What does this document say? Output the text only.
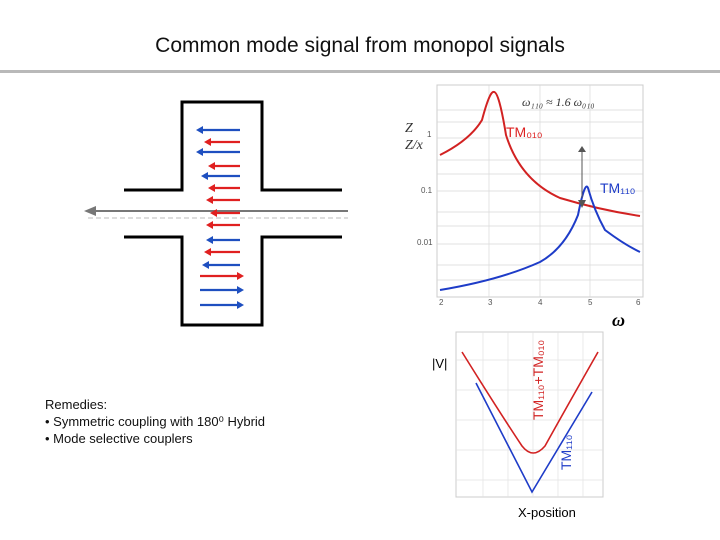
Common mode signal from monopol signals
Z
Z/x
1
0.1
0.01
2	3	4	5	6
ω₁₁₀ ≈ 1.6 ω₀₁₀
TM₀₁₀
TM₁₁₀
ω
|V|	TM₁₁₀+TM₀₁₀
TM₁₁₀
X-position
Remedies:
• Symmetric coupling with 180⁰ Hybrid
• Mode selective couplers
